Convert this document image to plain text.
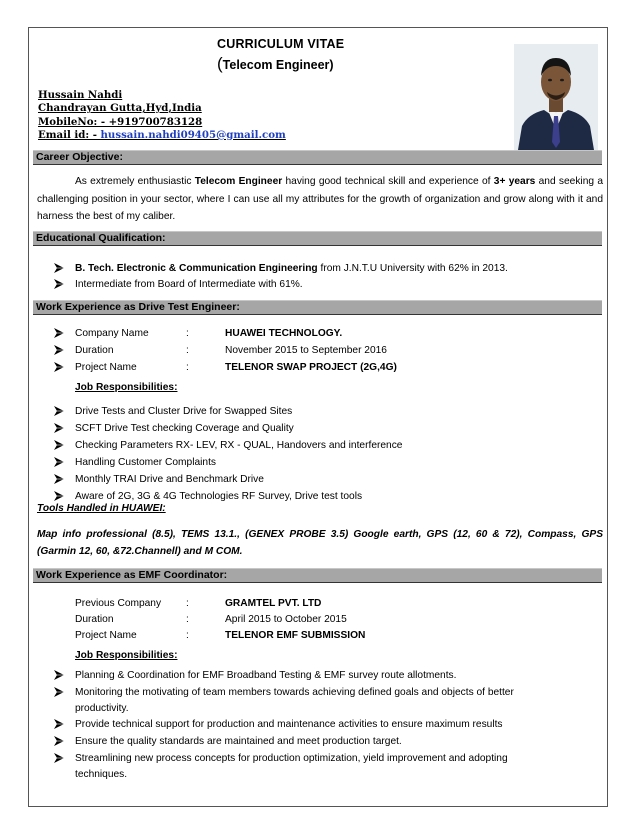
CURRICULUM VITAE
(Telecom Engineer)
Hussain Nahdi
Chandrayan Gutta,Hyd,India
MobileNo: - +919700783128
Email id: - hussain.nahdi09405@gmail.com
Career Objective:
As extremely enthusiastic Telecom Engineer having good technical skill and experience of 3+ years and seeking a challenging position in your sector, where I can use all my attributes for the growth of organization and grow along with it and harness the best of my caliber.
Educational Qualification:
B. Tech. Electronic & Communication Engineering from J.N.T.U University with 62% in 2013.
Intermediate from Board of Intermediate with 61%.
Work Experience as Drive Test Engineer:
Company Name	:	HUAWEI TECHNOLOGY.
Duration	:	November 2015 to September 2016
Project Name	:	TELENOR SWAP PROJECT (2G,4G)
Job Responsibilities:
Drive Tests and Cluster Drive for Swapped Sites
SCFT Drive Test checking Coverage and Quality
Checking Parameters RX- LEV, RX - QUAL, Handovers and interference
Handling Customer Complaints
Monthly TRAI Drive and Benchmark Drive
Aware of 2G, 3G & 4G Technologies RF Survey, Drive test tools
Tools Handled in HUAWEI:
Map info professional (8.5), TEMS 13.1., (GENEX PROBE 3.5) Google earth, GPS (12, 60 & 72), Compass, GPS (Garmin 12, 60, &72.Channell) and M COM.
Work Experience as EMF Coordinator:
Previous Company :	GRAMTEL PVT. LTD
Duration	:	April 2015 to October 2015
Project Name	:	TELENOR EMF SUBMISSION
Job Responsibilities:
Planning & Coordination for EMF Broadband Testing & EMF survey route allotments.
Monitoring the motivating of team members towards achieving defined goals and objects of better
productivity.
Provide technical support for production and maintenance activities to ensure maximum results
Ensure the quality standards are maintained and meet production target.
Streamlining new process concepts for production optimization, yield improvement and adopting
techniques.
